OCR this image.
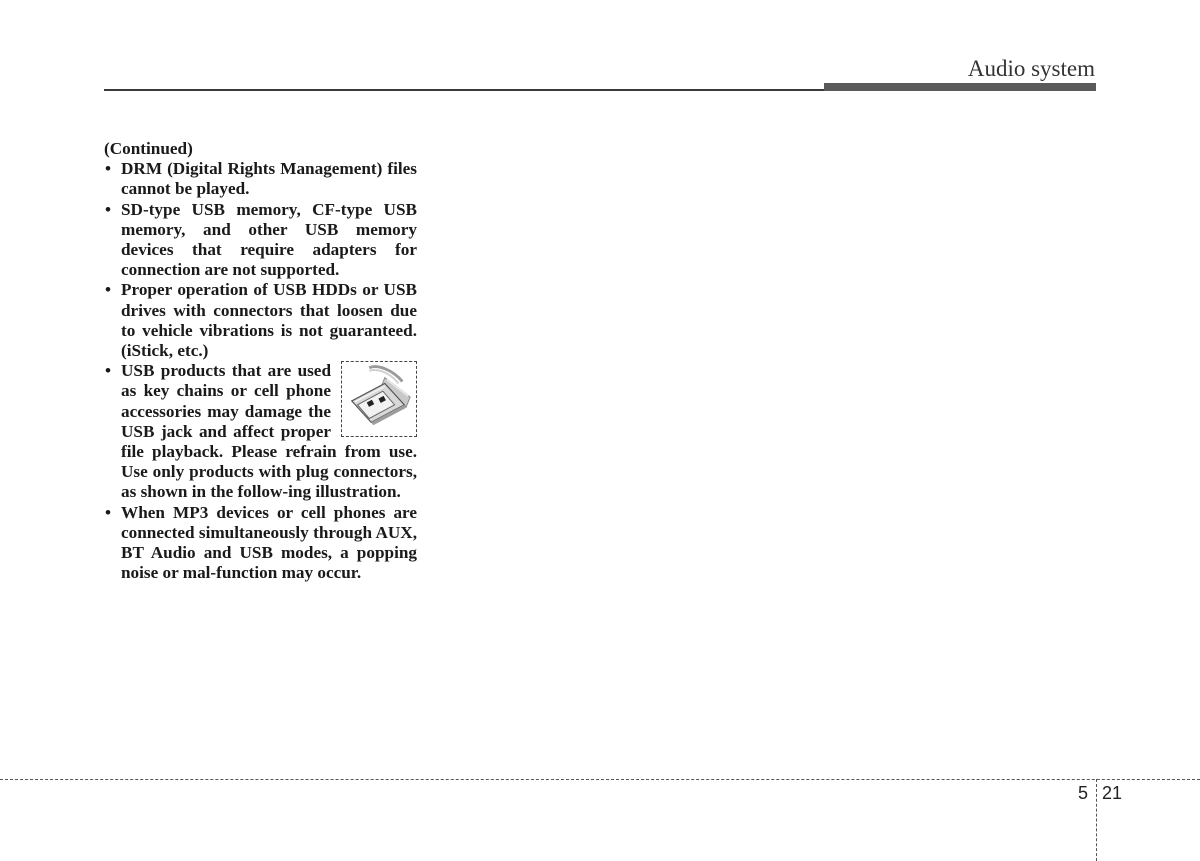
Audio system
(Continued)
• DRM (Digital Rights Management) files cannot be played.
• SD-type USB memory, CF-type USB memory, and other USB memory devices that require adapters for connection are not supported.
• Proper operation of USB HDDs or USB drives with connectors that loosen due to vehicle vibrations is not guaranteed. (iStick, etc.)
• USB products that are used as key chains or cell phone accessories may damage the USB jack and affect proper file playback. Please refrain from use. Use only products with plug connectors, as shown in the follow-ing illustration.
• When MP3 devices or cell phones are connected simultaneously through AUX, BT Audio and USB modes, a popping noise or mal-function may occur.
5 21
